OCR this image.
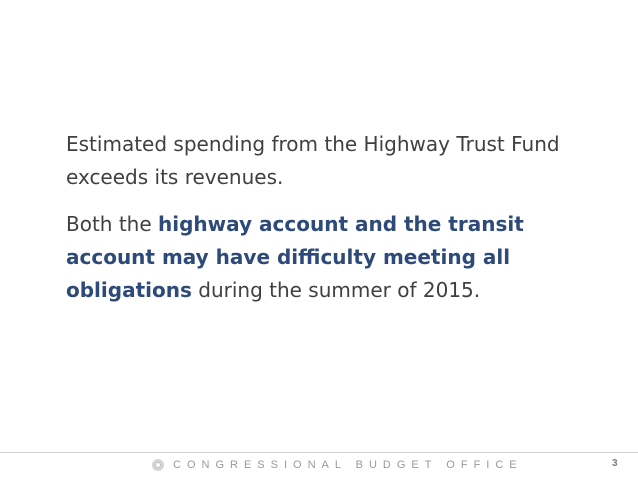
Estimated spending from the Highway Trust Fund exceeds its revenues.

Both the highway account and the transit account may have difficulty meeting all obligations during the summer of 2015.

CONGRESSIONAL BUDGET OFFICE	3
